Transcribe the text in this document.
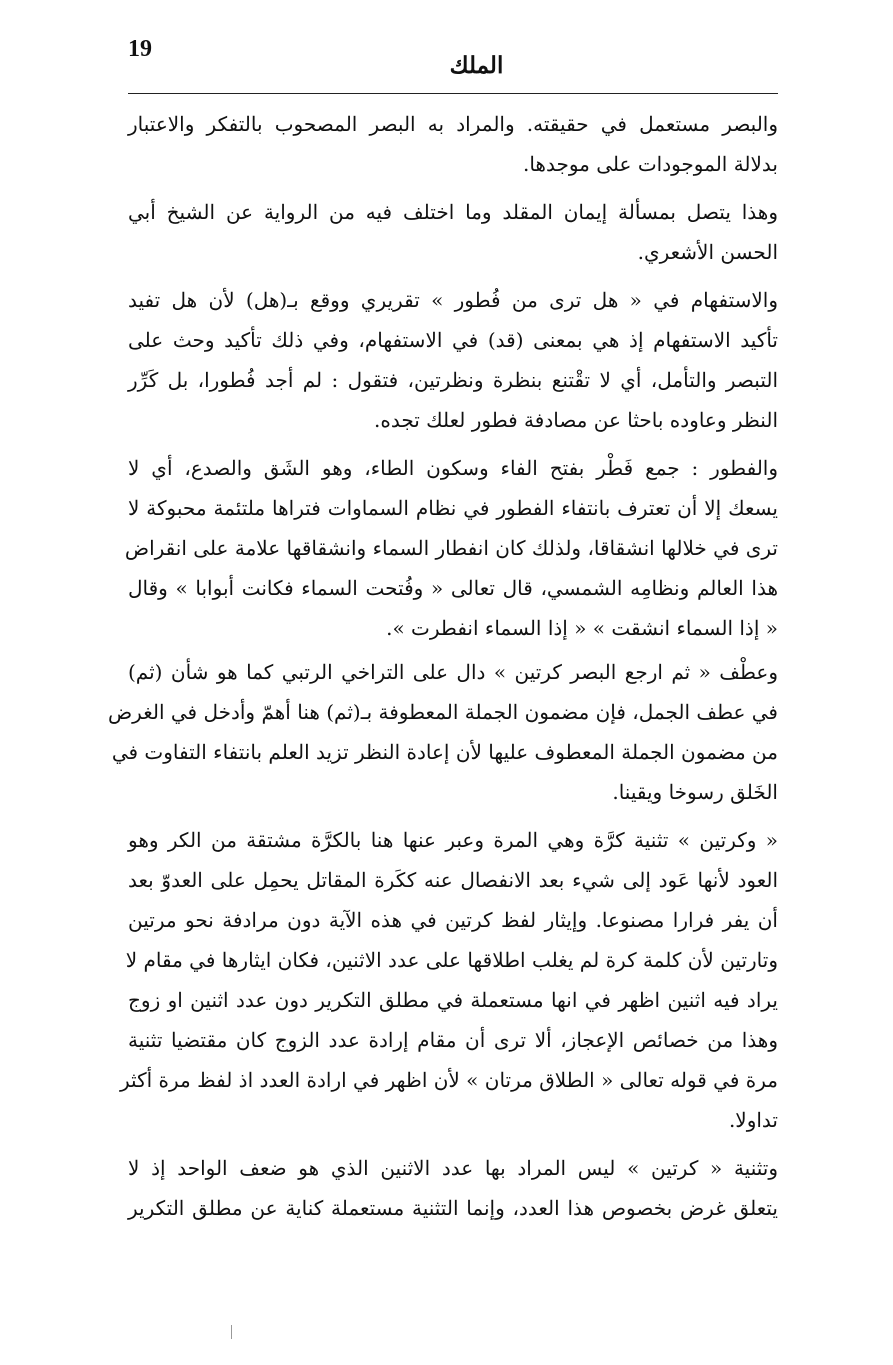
19
الملك
والبصر مستعمل في حقيقته. والمراد به البصر المصحوب بالتفكر والاعتبار
بدلالة الموجودات على موجدها.
وهذا يتصل بمسألة إيمان المقلد وما اختلف فيه من الرواية عن الشيخ أبي
الحسن الأشعري.
والاستفهام في « هل ترى من فُطور » تقريري ووقع بـ(هل) لأن هل تفيد
تأكيد الاستفهام إذ هي بمعنى (قد) في الاستفهام، وفي ذلك تأكيد وحث على
التبصر والتأمل، أي لا تقْتنع بنظرة ونظرتين، فتقول : لم أجد فُطورا، بل كَرِّر
النظر وعاوده باحثا عن مصادفة فطور لعلك تجده.
والفطور : جمع فَطْر بفتح الفاء وسكون الطاء، وهو الشَق والصدع، أي لا
يسعك إلا أن تعترف بانتفاء الفطور في نظام السماوات فتراها ملتئمة محبوكة لا
ترى في خلالها انشقاقا، ولذلك كان انفطار السماء وانشقاقها علامة على انقراض
هذا العالم ونظامِه الشمسي، قال تعالى « وفُتحت السماء فكانت أبوابا » وقال
« إذا السماء انشقت » « إذا السماء انفطرت ».
وعطْف « ثم ارجع البصر كرتين » دال على التراخي الرتبي كما هو شأن (ثم)
في عطف الجمل، فإن مضمون الجملة المعطوفة بـ(ثم) هنا أهمّ وأدخل في الغرض
من مضمون الجملة المعطوف عليها لأن إعادة النظر تزيد العلم بانتفاء التفاوت في
الخَلق رسوخا ويقينا.
« وكرتين » تثنية كرَّة وهي المرة وعبر عنها هنا بالكرَّة مشتقة من الكر وهو
العود لأنها عَود إلى شيء بعد الانفصال عنه ككَرة المقاتل يحمِل على العدوّ بعد
أن يفر فرارا مصنوعا. وإيثار لفظ كرتين في هذه الآية دون مرادفة نحو مرتين
وتارتين لأن كلمة كرة لم يغلب اطلاقها على عدد الاثنين، فكان ايثارها في مقام لا
يراد فيه اثنين اظهر في انها مستعملة في مطلق التكرير دون عدد اثنين او زوج
وهذا من خصائص الإعجاز، ألا ترى أن مقام إرادة عدد الزوج كان مقتضيا تثنية
مرة في قوله تعالى « الطلاق مرتان » لأن اظهر في ارادة العدد اذ لفظ مرة أكثر
تداولا.
وتثنية « كرتين » ليس المراد بها عدد الاثنين الذي هو ضعف الواحد إذ لا
يتعلق غرض بخصوص هذا العدد، وإنما التثنية مستعملة كناية عن مطلق التكرير
